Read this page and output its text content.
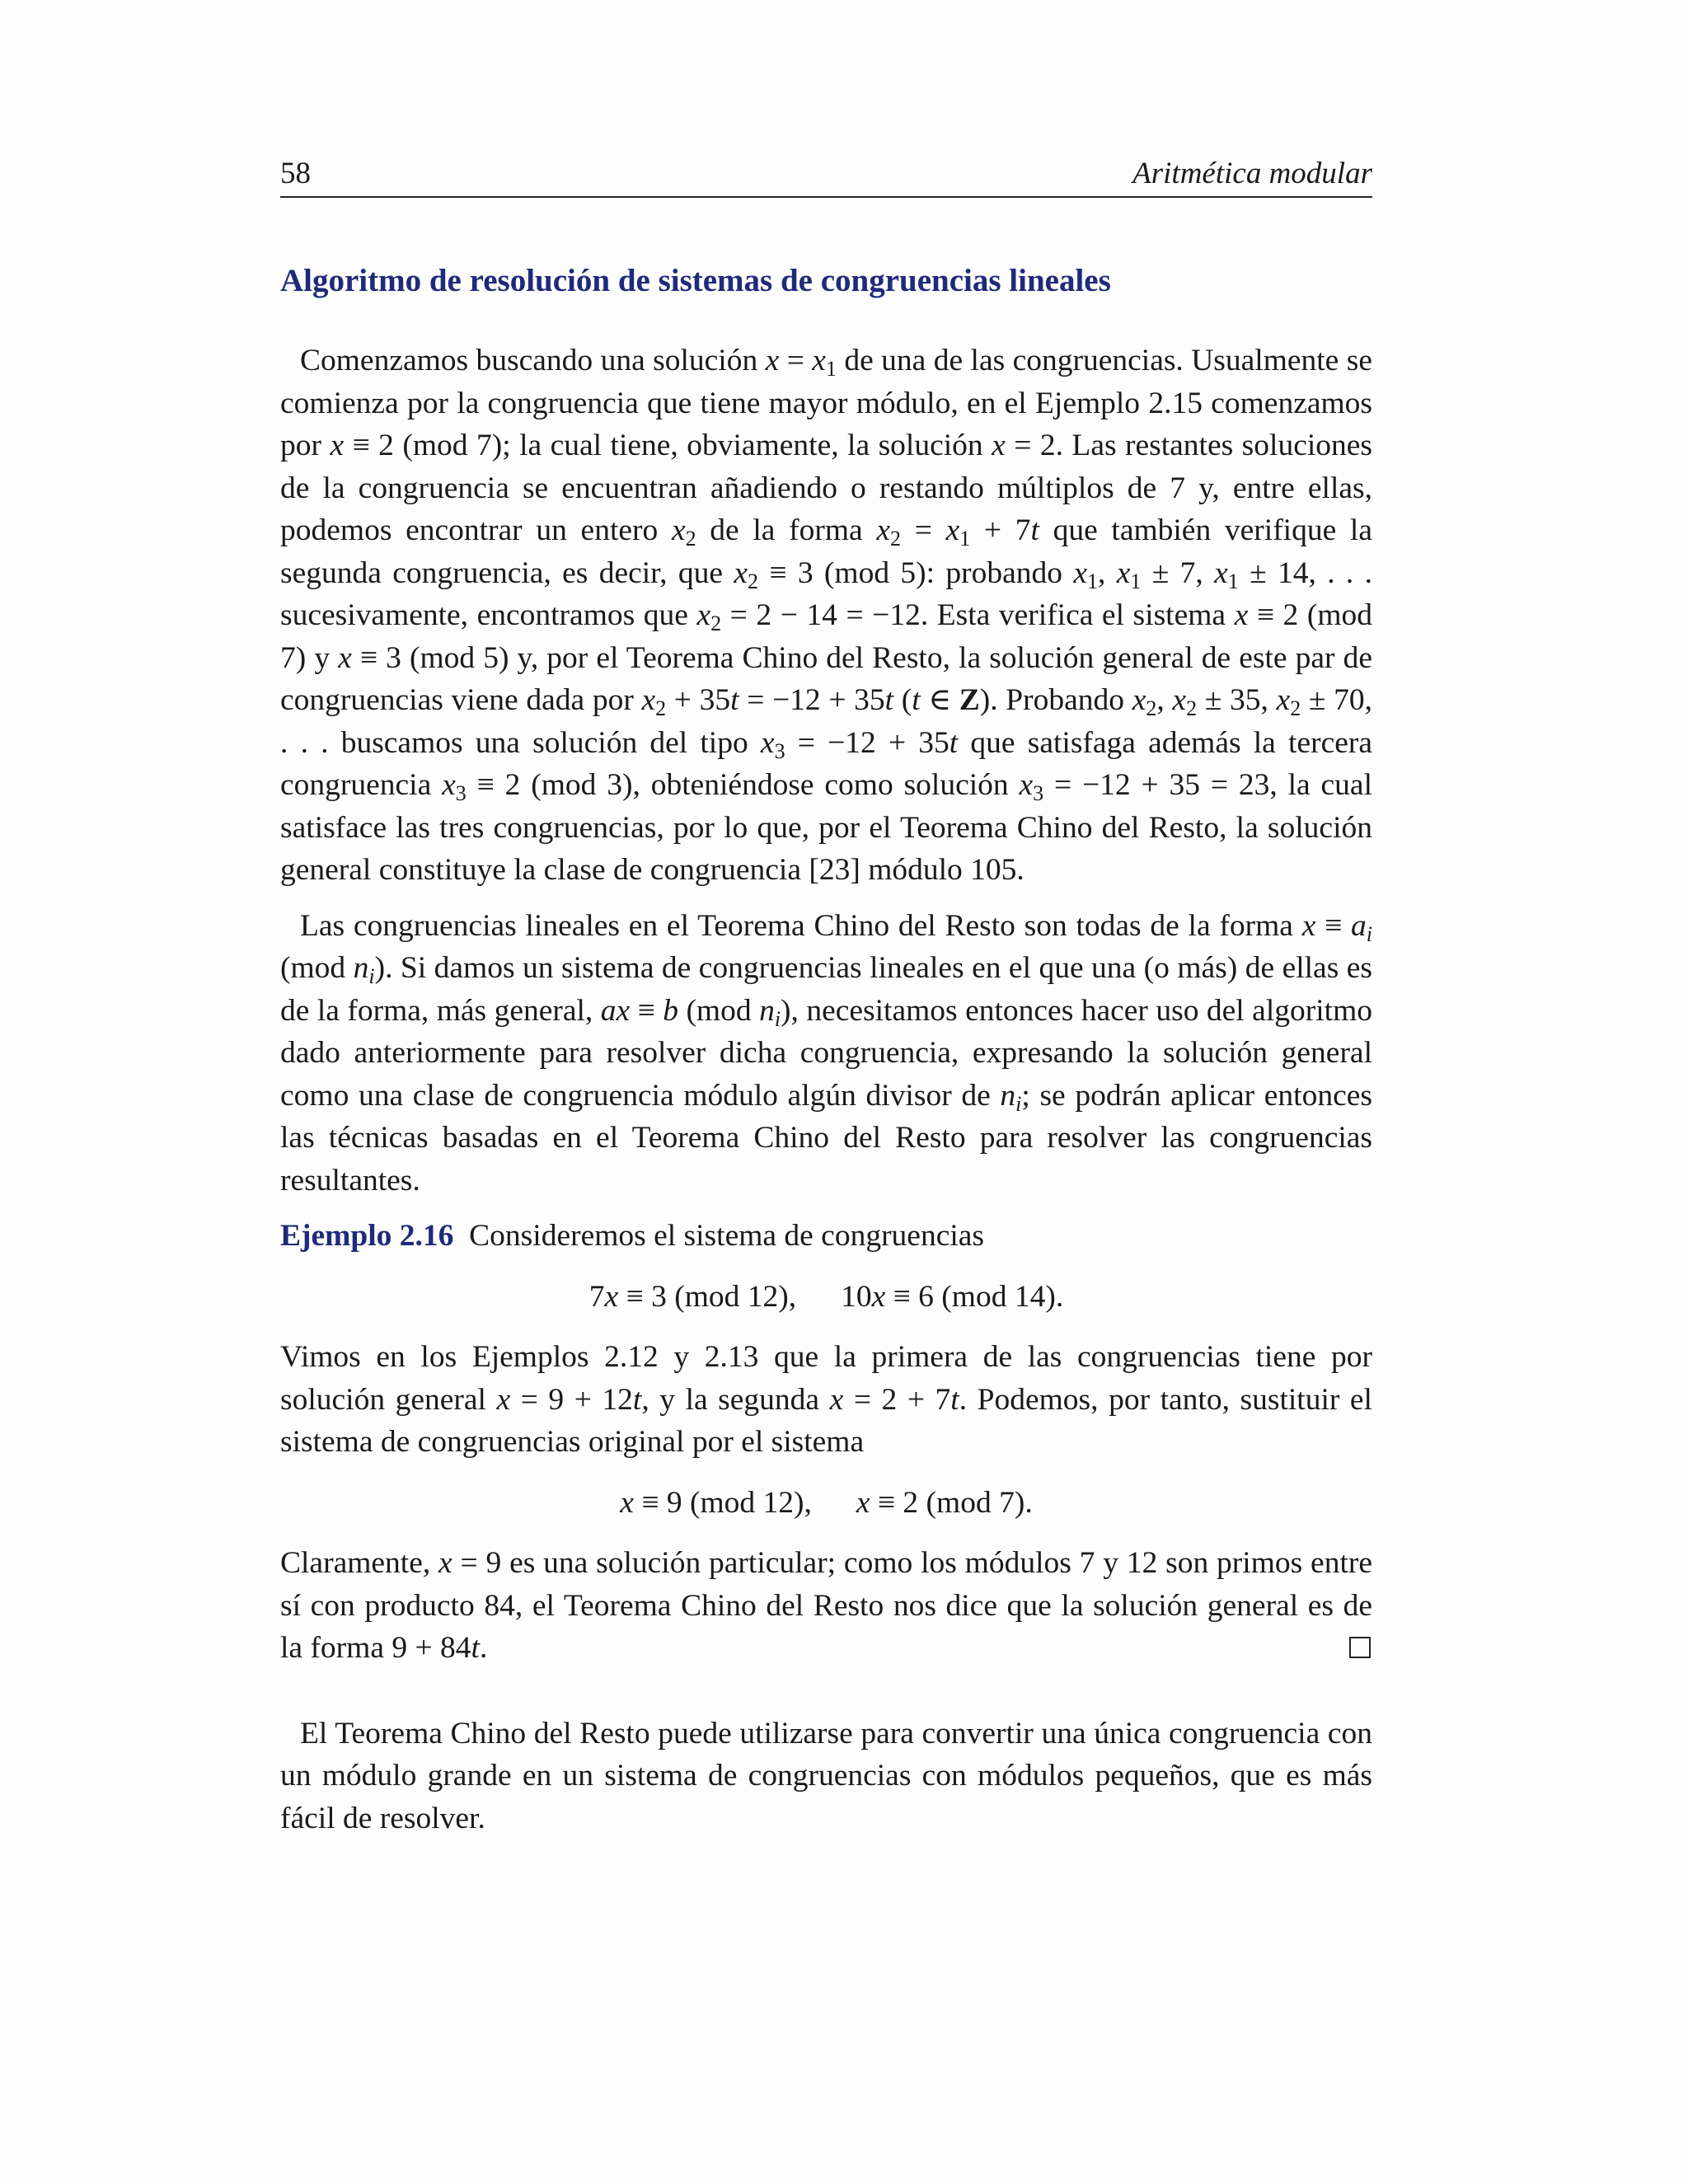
58	Aritmética modular
Algoritmo de resolución de sistemas de congruencias lineales

Comenzamos buscando una solución $x = x_1$ de una de las congruencias. Usualmente se comienza por la congruencia que tiene mayor módulo, en el Ejemplo 2.15 comenzamos por x ≡ 2 (mod 7); la cual tiene, obviamente, la solución x = 2. Las restantes soluciones de la congruencia se encuentran añadiendo o restando múltiplos de 7 y, entre ellas, podemos encontrar un entero $x_2$ de la forma $x_2 = x_1 + 7t$ que también verifique la segunda congruencia, es decir, que $x_2 \equiv 3$ (mod 5): probando $x_1$, $x_1 \pm 7$, $x_1 \pm 14$, . . . sucesivamente, encontramos que $x_2 = 2 - 14 = -12$. Esta verifica el sistema x ≡ 2 (mod 7) y x ≡ 3 (mod 5) y, por el Teorema Chino del Resto, la solución general de este par de congruencias viene dada por $x_2 + 35t = -12 + 35t$ (t ∈ Z). Probando $x_2$, $x_2 \pm 35$, $x_2 \pm 70$, . . . buscamos una solución del tipo $x_3 = -12 + 35t$ que satisfaga además la tercera congruencia $x_3 \equiv 2$ (mod 3), obteniéndose como solución $x_3 = -12 + 35 = 23$, la cual satisface las tres congruencias, por lo que, por el Teorema Chino del Resto, la solución general constituye la clase de congruencia [23] módulo 105.

Las congruencias lineales en el Teorema Chino del Resto son todas de la forma $x \equiv a_i$ (mod $n_i$). Si damos un sistema de congruencias lineales en el que una (o más) de ellas es de la forma, más general, ax ≡ b (mod $n_i$), necesitamos entonces hacer uso del algoritmo dado anteriormente para resolver dicha congruencia, expresando la solución general como una clase de congruencia módulo algún divisor de $n_i$; se podrán aplicar entonces las técnicas basadas en el Teorema Chino del Resto para resolver las congruencias resultantes.

Ejemplo 2.16 Consideremos el sistema de congruencias

7x ≡ 3 (mod 12), 10x ≡ 6 (mod 14).

Vimos en los Ejemplos 2.12 y 2.13 que la primera de las congruencias tiene por solución general x = 9 + 12t, y la segunda x = 2 + 7t. Podemos, por tanto, sustituir el sistema de congruencias original por el sistema

x ≡ 9 (mod 12), x ≡ 2 (mod 7).

Claramente, x = 9 es una solución particular; como los módulos 7 y 12 son primos entre sí con producto 84, el Teorema Chino del Resto nos dice que la solución general es de la forma 9 + 84t.

El Teorema Chino del Resto puede utilizarse para convertir una única congruencia con un módulo grande en un sistema de congruencias con módulos pequeños, que es más fácil de resolver.
